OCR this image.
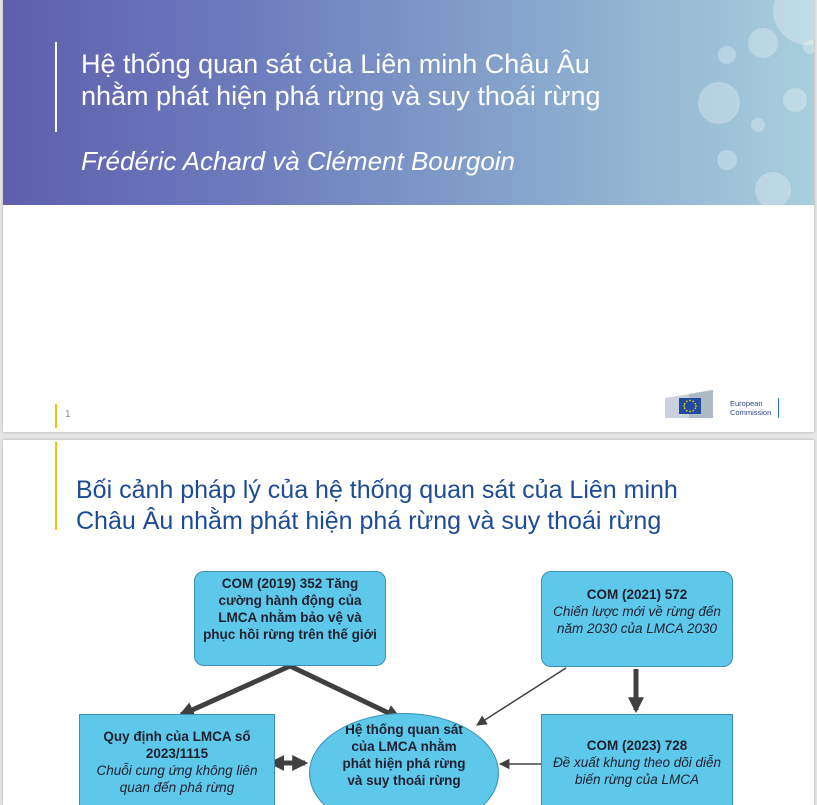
Hệ thống quan sát của Liên minh Châu Âu
nhằm phát hiện phá rừng và suy thoái rừng

Frédéric Achard và Clément Bourgoin

1
European
Commission
Bối cảnh pháp lý của hệ thống quan sát của Liên minh
Châu Âu nhằm phát hiện phá rừng và suy thoái rừng
COM (2019) 352 Tăng cường hành động của LMCA nhằm bảo vệ và phục hồi rừng trên thế giới
COM (2021) 572
Chiến lược mới về rừng đến năm 2030 của LMCA 2030
Quy định của LMCA số 2023/1115
Chuỗi cung ứng không liên quan đến phá rừng
Hệ thống quan sát của LMCA nhằm phát hiện phá rừng và suy thoái rừng
COM (2023) 728
Đề xuất khung theo dõi diễn biến rừng của LMCA
